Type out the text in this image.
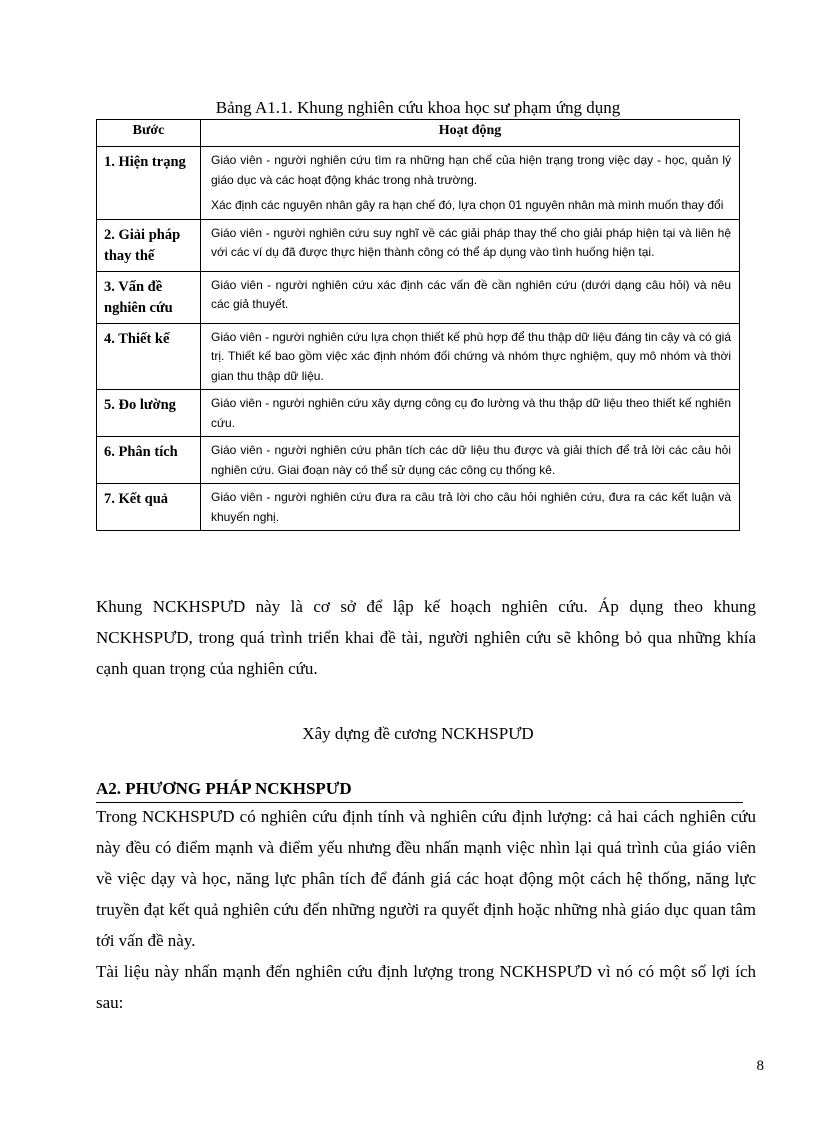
Bảng A1.1. Khung nghiên cứu khoa học sư phạm ứng dụng
Bước	Hoạt động
1. Hiện trạng	Giáo viên - người nghiên cứu tìm ra những hạn chế của hiện trạng trong việc dạy - học, quản lý giáo dục và các hoạt động khác trong nhà trường.

Xác định các nguyên nhân gây ra hạn chế đó, lựa chọn 01 nguyên nhân mà mình muốn thay đổi

2. Giải pháp thay thế	Giáo viên - người nghiên cứu suy nghĩ về các giải pháp thay thế cho giải pháp hiện tại và liên hệ với các ví dụ đã được thực hiện thành công có thể áp dụng vào tình huống hiện tại.

3. Vấn đề nghiên cứu	Giáo viên - người nghiên cứu xác định các vấn đề cần nghiên cứu (dưới dạng câu hỏi) và nêu các giả thuyết.

4. Thiết kế	Giáo viên - người nghiên cứu lựa chọn thiết kế phù hợp để thu thập dữ liệu đáng tin cậy và có giá trị. Thiết kế bao gồm việc xác định nhóm đối chứng và nhóm thực nghiệm, quy mô nhóm và thời gian thu thập dữ liệu.

5. Đo lường	Giáo viên - người nghiên cứu xây dựng công cụ đo lường và thu thập dữ liệu theo thiết kế nghiên cứu.

6. Phân tích	Giáo viên - người nghiên cứu phân tích các dữ liệu thu được và giải thích để trả lời các câu hỏi nghiên cứu. Giai đoạn này có thể sử dụng các công cụ thống kê.

7. Kết quả	Giáo viên - người nghiên cứu đưa ra câu trả lời cho câu hỏi nghiên cứu, đưa ra các kết luận và khuyến nghị.

Khung NCKHSPƯD này là cơ sở để lập kế hoạch nghiên cứu. Áp dụng theo khung NCKHSPƯD, trong quá trình triển khai đề tài, người nghiên cứu sẽ không bỏ qua những khía cạnh quan trọng của nghiên cứu.

Xây dựng đề cương NCKHSPƯD
A2. PHƯƠNG PHÁP NCKHSPƯD

Trong NCKHSPƯD có nghiên cứu định tính và nghiên cứu định lượng: cả hai cách nghiên cứu này đều có điểm mạnh và điểm yếu nhưng đều nhấn mạnh việc nhìn lại quá trình của giáo viên về việc dạy và học, năng lực phân tích để đánh giá các hoạt động một cách hệ thống, năng lực truyền đạt kết quả nghiên cứu đến những người ra quyết định hoặc những nhà giáo dục quan tâm tới vấn đề này.

Tài liệu này nhấn mạnh đến nghiên cứu định lượng trong NCKHSPƯD vì nó có một số lợi ích sau:

8
